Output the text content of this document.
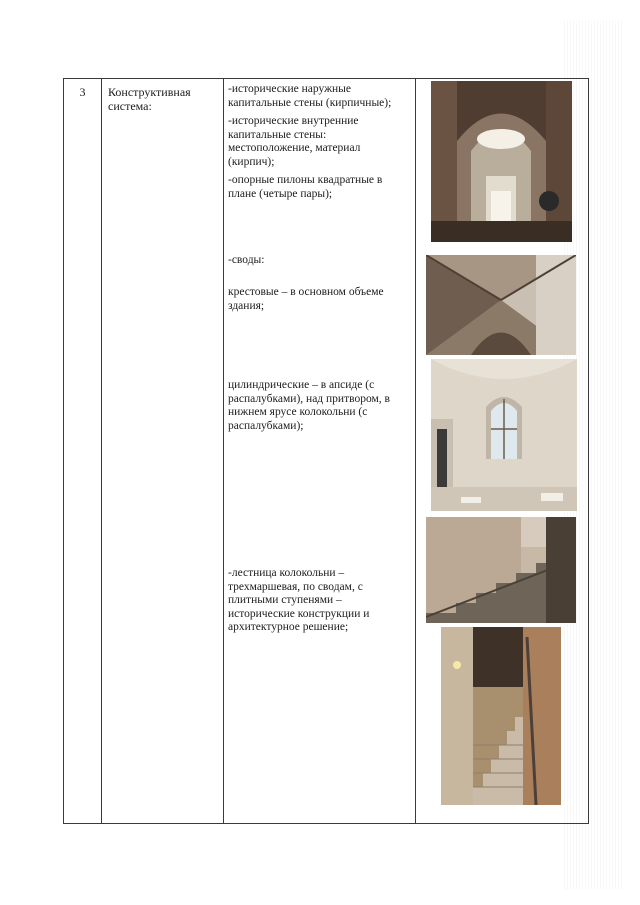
3	Конструктивная
система:

-исторические наружные капитальные стены (кирпичные);

-исторические внутренние капитальные стены: местоположение, материал (кирпич);

-опорные пилоны квадратные в плане (четыре пары);

-своды:

крестовые – в основном объеме здания;

цилиндрические – в апсиде (с распалубками), над притвором, в нижнем ярусе колокольни (с распалубками);

-лестница колокольни – трехмаршевая, по сводам, с плитными ступенями – исторические конструкции и архитектурное решение;
